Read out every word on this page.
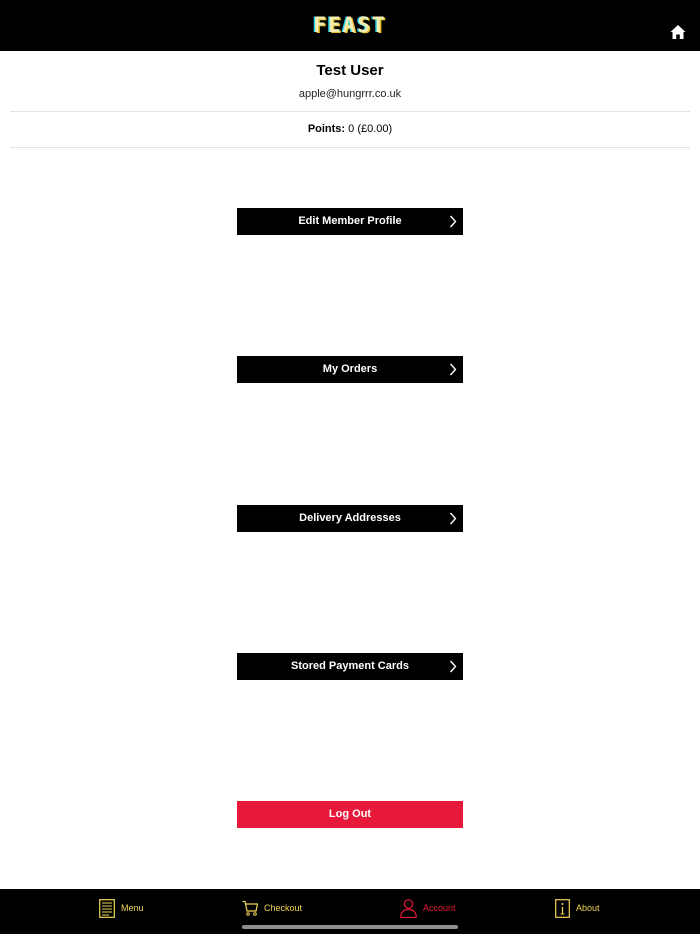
FEAST
Test User
apple@hungrrr.co.uk
Points: 0 (£0.00)
Edit Member Profile
My Orders
Delivery Addresses
Stored Payment Cards
Log Out
Menu	Checkout	Account	About
